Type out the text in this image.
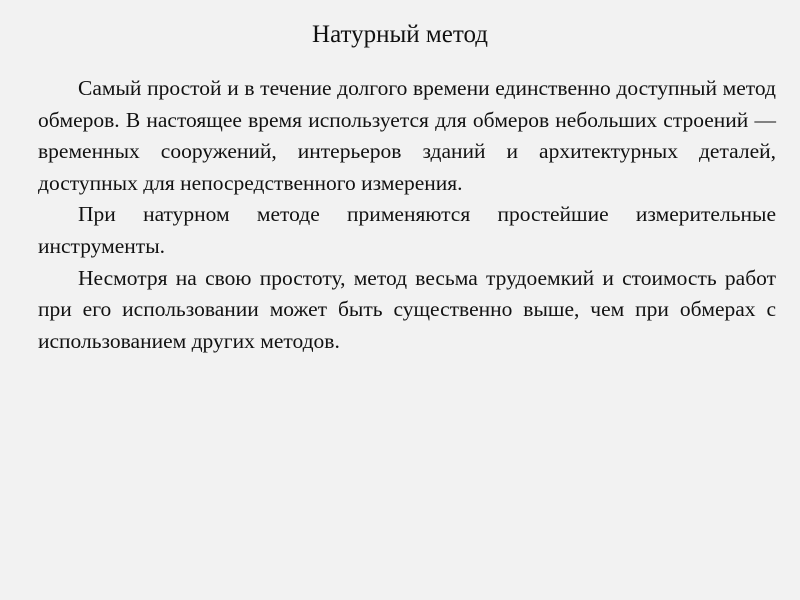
Натурный метод

Самый простой и в течение долгого времени единственно доступный метод обмеров. В настоящее время используется для обмеров небольших строений — временных сооружений, интерьеров зданий и архитектурных деталей, доступных для непосредственного измерения.

При натурном методе применяются простейшие измерительные инструменты.

Несмотря на свою простоту, метод весьма трудоемкий и стоимость работ при его использовании может быть существенно выше, чем при обмерах с использованием других методов.
